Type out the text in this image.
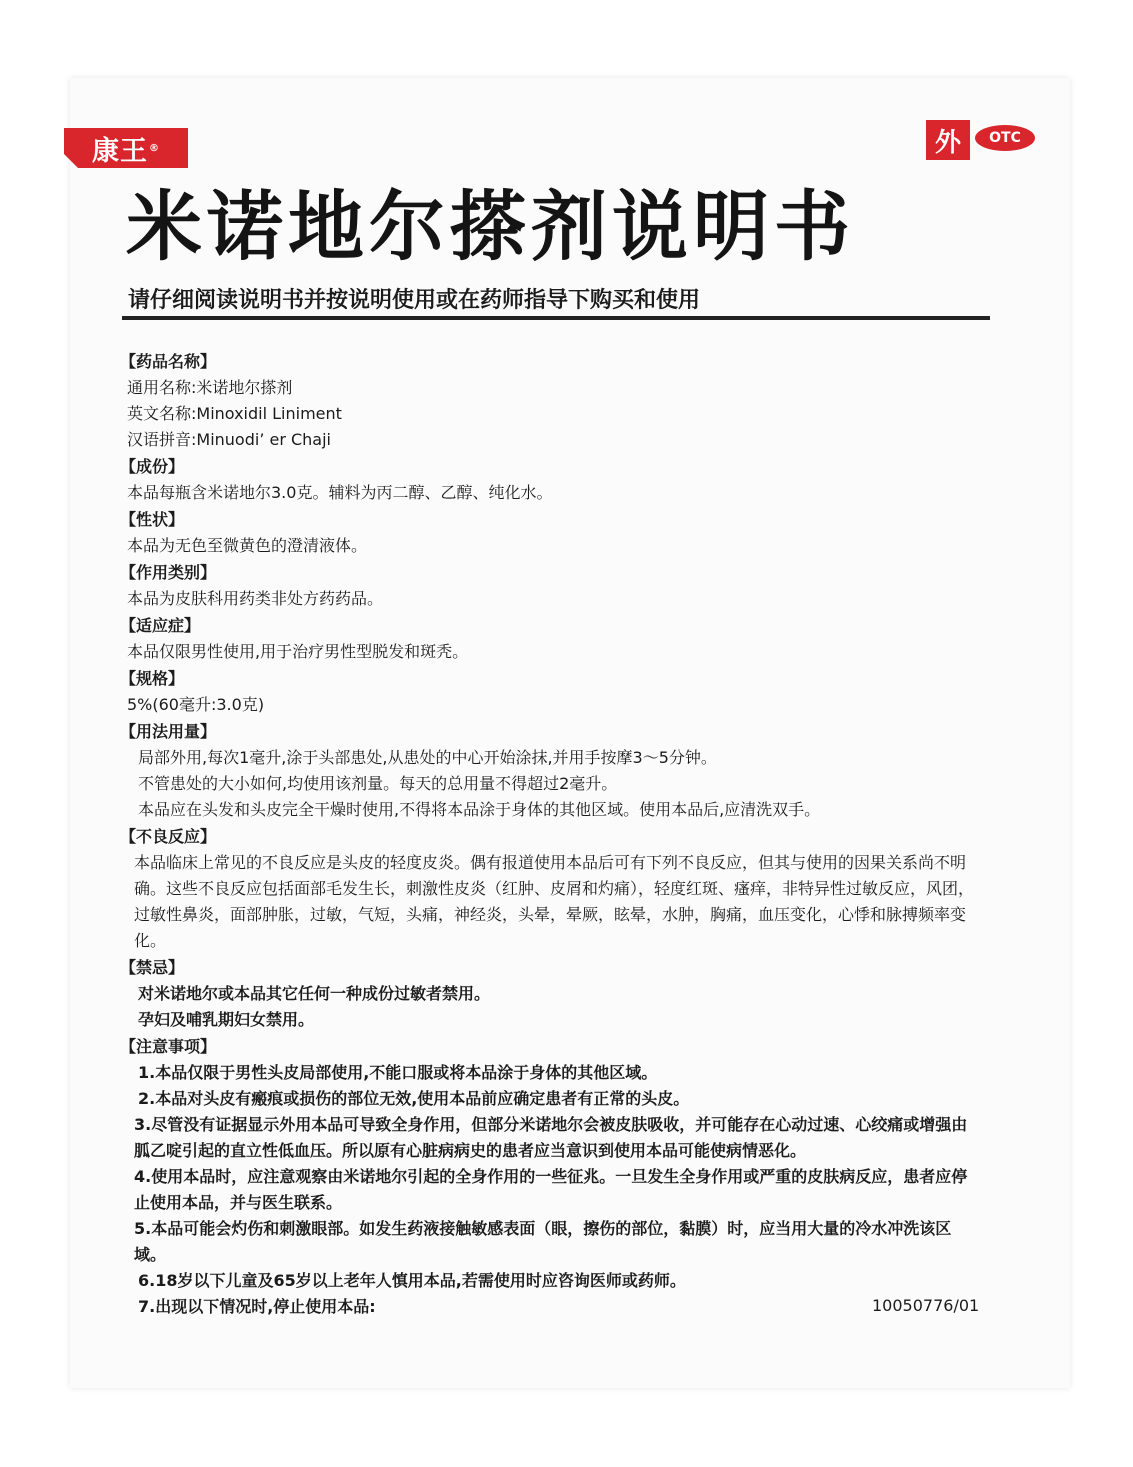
康王 ®	外 OTC
米诺地尔搽剂说明书
请仔细阅读说明书并按说明使用或在药师指导下购买和使用

【药品名称】

通用名称:米诺地尔搽剂

英文名称:Minoxidil Liniment

汉语拼音:Minuodi’ er Chaji

【成份】

本品每瓶含米诺地尔3.0克。辅料为丙二醇、乙醇、纯化水。

【性状】

本品为无色至微黄色的澄清液体。

【作用类别】

本品为皮肤科用药类非处方药药品。

【适应症】

本品仅限男性使用,用于治疗男性型脱发和斑秃。

【规格】

5%(60毫升:3.0克)

【用法用量】

局部外用,每次1毫升,涂于头部患处,从患处的中心开始涂抹,并用手按摩3～5分钟。

不管患处的大小如何,均使用该剂量。每天的总用量不得超过2毫升。

本品应在头发和头皮完全干燥时使用,不得将本品涂于身体的其他区域。使用本品后,应清洗双手。

【不良反应】

本品临床上常见的不良反应是头皮的轻度皮炎。偶有报道使用本品后可有下列不良反应，但其与使用的因果关系尚不明确。这些不良反应包括面部毛发生长，刺激性皮炎（红肿、皮屑和灼痛），轻度红斑、瘙痒，非特异性过敏反应，风团，过敏性鼻炎，面部肿胀，过敏，气短，头痛，神经炎，头晕，晕厥，眩晕，水肿，胸痛，血压变化，心悸和脉搏频率变化。

【禁忌】

对米诺地尔或本品其它任何一种成份过敏者禁用。

孕妇及哺乳期妇女禁用。

【注意事项】

1.本品仅限于男性头皮局部使用,不能口服或将本品涂于身体的其他区域。

2.本品对头皮有瘢痕或损伤的部位无效,使用本品前应确定患者有正常的头皮。

3.尽管没有证据显示外用本品可导致全身作用，但部分米诺地尔会被皮肤吸收，并可能存在心动过速、心绞痛或增强由胍乙啶引起的直立性低血压。所以原有心脏病病史的患者应当意识到使用本品可能使病情恶化。

4.使用本品时，应注意观察由米诺地尔引起的全身作用的一些征兆。一旦发生全身作用或严重的皮肤病反应，患者应停止使用本品，并与医生联系。

5.本品可能会灼伤和刺激眼部。如发生药液接触敏感表面（眼，擦伤的部位，黏膜）时，应当用大量的冷水冲洗该区域。

6.18岁以下儿童及65岁以上老年人慎用本品,若需使用时应咨询医师或药师。

7.出现以下情况时,停止使用本品:	10050776/01
